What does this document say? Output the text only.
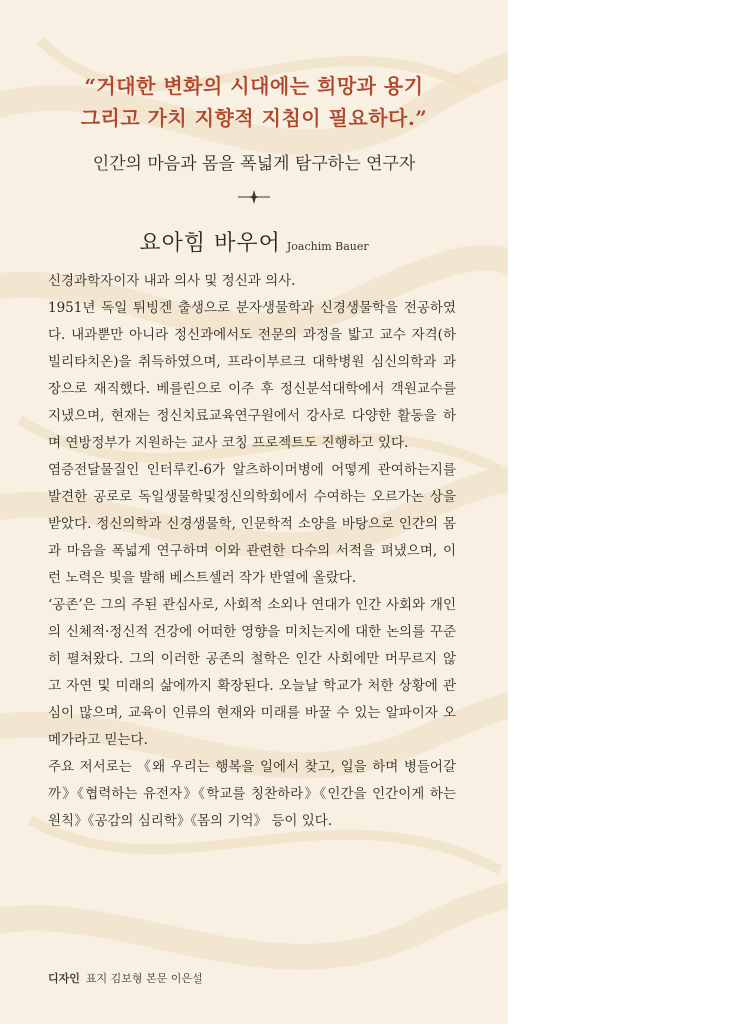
“거대한 변화의 시대에는 희망과 용기
그리고 가치 지향적 지침이 필요하다.”
인간의 마음과 몸을 폭넓게 탐구하는 연구자
요아힘 바우어 Joachim Bauer

신경과학자이자 내과 의사 및 정신과 의사.

1951년 독일 튀빙겐 출생으로 분자생물학과 신경생물학을 전공하였다. 내과뿐만 아니라 정신과에서도 전문의 과정을 밟고 교수 자격(하빌리타치온)을 취득하였으며, 프라이부르크 대학병원 심신의학과 과장으로 재직했다. 베를린으로 이주 후 정신분석대학에서 객원교수를 지냈으며, 현재는 정신치료교육연구원에서 강사로 다양한 활동을 하며 연방정부가 지원하는 교사 코칭 프로젝트도 진행하고 있다.

염증전달물질인 인터루킨-6가 알츠하이머병에 어떻게 관여하는지를 발견한 공로로 독일생물학및정신의학회에서 수여하는 오르가논 상을 받았다. 정신의학과 신경생물학, 인문학적 소양을 바탕으로 인간의 몸과 마음을 폭넓게 연구하며 이와 관련한 다수의 서적을 펴냈으며, 이런 노력은 빛을 발해 베스트셀러 작가 반열에 올랐다.

‘공존’은 그의 주된 관심사로, 사회적 소외나 연대가 인간 사회와 개인의 신체적·정신적 건강에 어떠한 영향을 미치는지에 대한 논의를 꾸준히 펼쳐왔다. 그의 이러한 공존의 철학은 인간 사회에만 머무르지 않고 자연 및 미래의 삶에까지 확장된다. 오늘날 학교가 처한 상황에 관심이 많으며, 교육이 인류의 현재와 미래를 바꿀 수 있는 알파이자 오메가라고 믿는다.

주요 저서로는 《왜 우리는 행복을 일에서 찾고, 일을 하며 병들어갈까》《협력하는 유전자》《학교를 칭찬하라》《인간을 인간이게 하는 원칙》《공감의 심리학》《몸의 기억》 등이 있다.

디자인 표지 김보형 본문 이은설
